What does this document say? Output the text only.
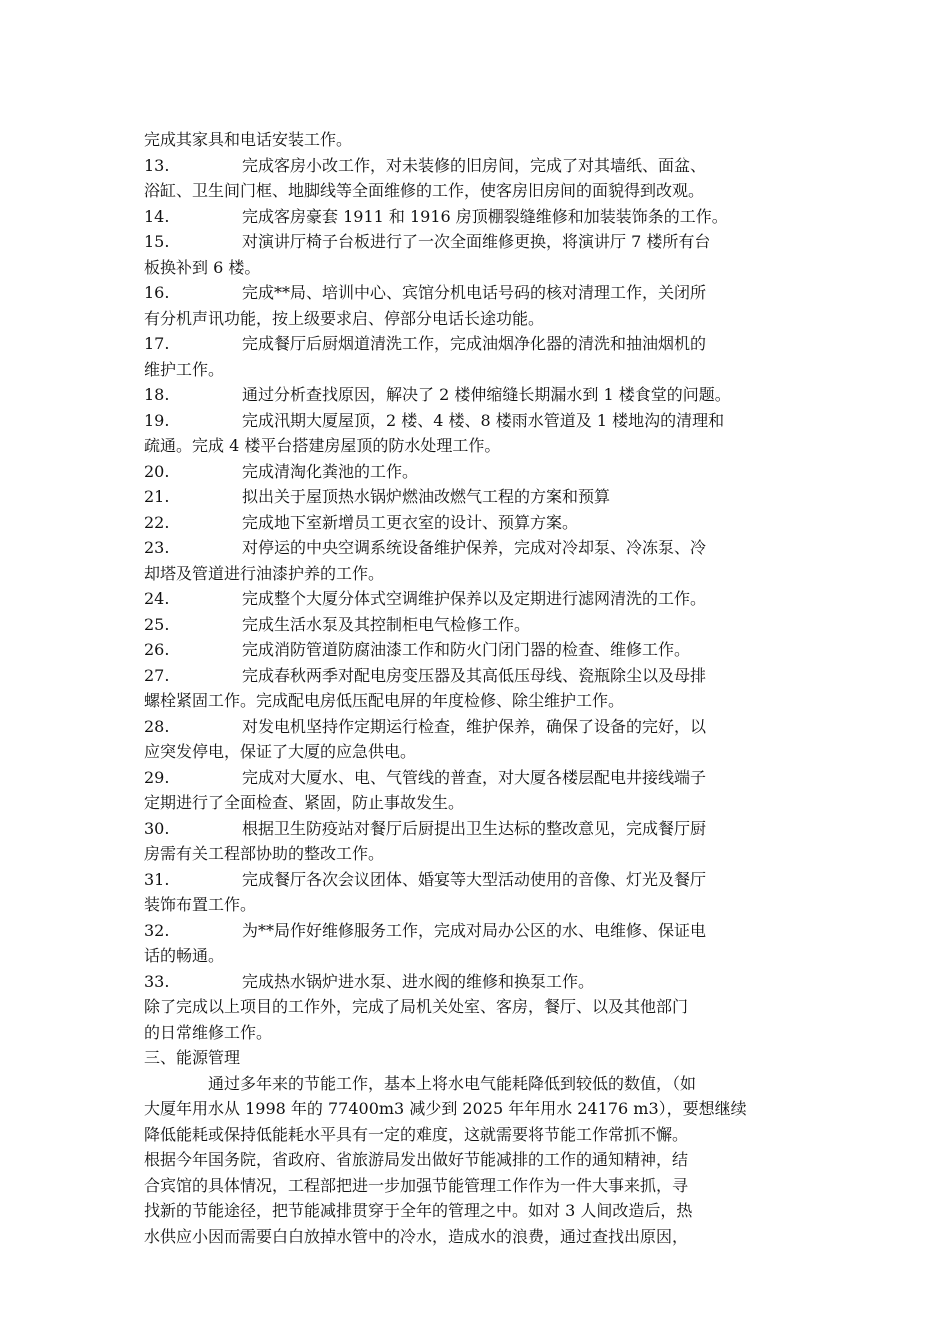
完成其家具和电话安装工作。
13.	完成客房小改工作，对未装修的旧房间，完成了对其墙纸、面盆、
浴缸、卫生间门框、地脚线等全面维修的工作，使客房旧房间的面貌得到改观。
14.	完成客房豪套 1911 和 1916 房顶棚裂缝维修和加装装饰条的工作。
15.	对演讲厅椅子台板进行了一次全面维修更换，将演讲厅 7 楼所有台
板换补到 6 楼。
16.	完成**局、培训中心、宾馆分机电话号码的核对清理工作，关闭所
有分机声讯功能，按上级要求启、停部分电话长途功能。
17.	完成餐厅后厨烟道清洗工作，完成油烟净化器的清洗和抽油烟机的
维护工作。
18.	通过分析查找原因，解决了 2 楼伸缩缝长期漏水到 1 楼食堂的问题。
19.	完成汛期大厦屋顶，2 楼、4 楼、8 楼雨水管道及 1 楼地沟的清理和
疏通。完成 4 楼平台搭建房屋顶的防水处理工作。
20.	完成清淘化粪池的工作。
21.	拟出关于屋顶热水锅炉燃油改燃气工程的方案和预算
22.	完成地下室新增员工更衣室的设计、预算方案。
23.	对停运的中央空调系统设备维护保养，完成对冷却泵、冷冻泵、冷
却塔及管道进行油漆护养的工作。
24.	完成整个大厦分体式空调维护保养以及定期进行滤网清洗的工作。
25.	完成生活水泵及其控制柜电气检修工作。
26.	完成消防管道防腐油漆工作和防火门闭门器的检查、维修工作。
27.	完成春秋两季对配电房变压器及其高低压母线、瓷瓶除尘以及母排
螺栓紧固工作。完成配电房低压配电屏的年度检修、除尘维护工作。
28.	对发电机坚持作定期运行检查，维护保养，确保了设备的完好，以
应突发停电，保证了大厦的应急供电。
29.	完成对大厦水、电、气管线的普查，对大厦各楼层配电井接线端子
定期进行了全面检查、紧固，防止事故发生。
30.	根据卫生防疫站对餐厅后厨提出卫生达标的整改意见，完成餐厅厨
房需有关工程部协助的整改工作。
31.	完成餐厅各次会议团体、婚宴等大型活动使用的音像、灯光及餐厅
装饰布置工作。
32.	为**局作好维修服务工作，完成对局办公区的水、电维修、保证电
话的畅通。
33.	完成热水锅炉进水泵、进水阀的维修和换泵工作。
除了完成以上项目的工作外，完成了局机关处室、客房，餐厅、以及其他部门
的日常维修工作。
三、能源管理
通过多年来的节能工作，基本上将水电气能耗降低到较低的数值，（如
大厦年用水从 1998 年的 77400m3 减少到 2025 年年用水 24176 m3），要想继续
降低能耗或保持低能耗水平具有一定的难度，这就需要将节能工作常抓不懈。
根据今年国务院，省政府、省旅游局发出做好节能减排的工作的通知精神，结
合宾馆的具体情况，工程部把进一步加强节能管理工作作为一件大事来抓，寻
找新的节能途径，把节能减排贯穿于全年的管理之中。如对 3 人间改造后，热
水供应小因而需要白白放掉水管中的冷水，造成水的浪费，通过查找出原因，
